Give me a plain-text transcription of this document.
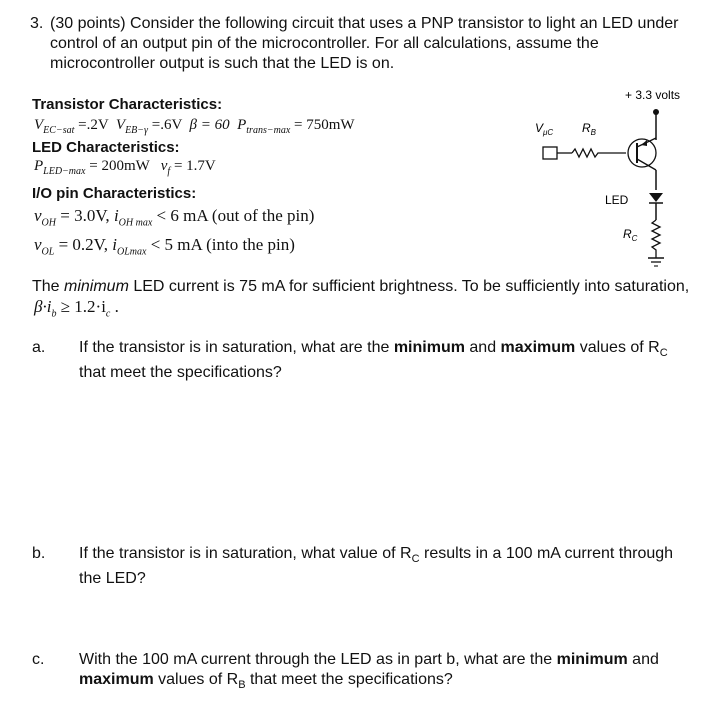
3. (30 points) Consider the following circuit that uses a PNP transistor to light an LED under control of an output pin of the microcontroller. For all calculations, assume the microcontroller output is such that the LED is on.
Transistor Characteristics:
$V_{EC-sat} =.2V$ $V_{EB-\gamma} =.6V$ β = 60 $P_{trans-max} = 750mW$
LED Characteristics:
$P_{LED-max} = 200mW$ $v_f = 1.7V$
I/O pin Characteristics:
$v_{OH} = 3.0V$, $i_{OH max} < 6$ mA (out of the pin)
$v_{OL} = 0.2V$, $i_{OLmax} < 5$ mA (into the pin)
+ 3.3 volts
$V_{\mu C}$ $R_B$
LED
$R_C$
The minimum LED current is 75 mA for sufficient brightness. To be sufficiently into saturation,
$\beta\cdot i_b \ge 1.2\cdot i_c$ .
a. If the transistor is in saturation, what are the minimum and maximum values of $R_C$ that meet the specifications?
b. If the transistor is in saturation, what value of $R_C$ results in a 100 mA current through the LED?
c. With the 100 mA current through the LED as in part b, what are the minimum and maximum values of $R_B$ that meet the specifications?
